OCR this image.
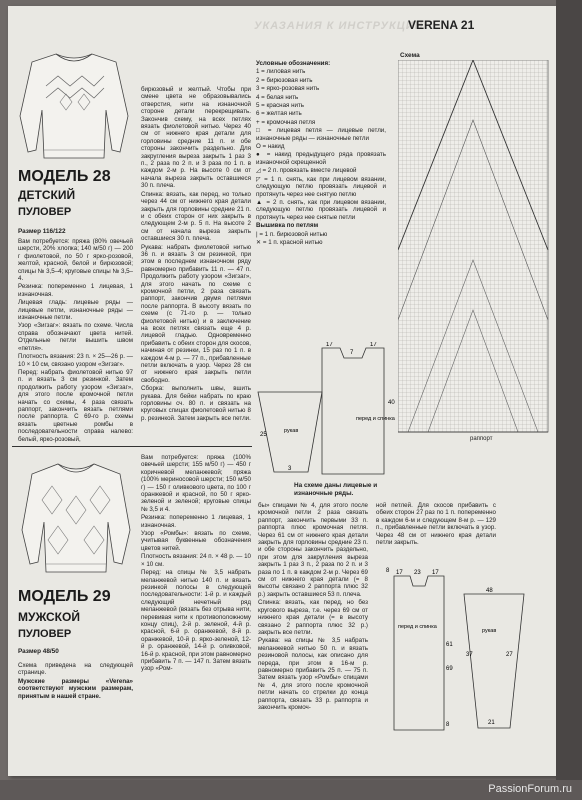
УКАЗАНИЯ К ИНСТРУКЦИИ
VERENA 21
МОДЕЛЬ 28
ДЕТСКИЙ
ПУЛОВЕР
Размер 116/122

Вам потребуется: пряжа (80% овечьей шерсти, 20% хлопка; 140 м/50 г) — 200 г фиолетовой, по 50 г ярко-розовой, желтой, красной, белой и бирюзовой; спицы № 3,5–4; круговые спицы № 3,5–4.

Резинка: попеременно 1 лицевая, 1 изнаночная.

Лицевая гладь: лицевые ряды — лицевые петли, изнаночные ряды — изнаночные петли.

Узор «Зигзаг»: вязать по схеме. Числа справа обозначают цвета нитей. Отдельные петли вышить швом «петля».

Плотность вязания: 23 п. × 25—26 р. — 10 × 10 см, связано узором «Зигзаг».

Перед: набрать фиолетовой нитью 97 п. и вязать 3 см резинкой. Затем продолжить работу узором «Зигзаг», для этого после кромочной петли начать со схемы, 4 раза связать раппорт, закончить вязать петлями после раппорта. С 69-го р. схемы вязать цветные ромбы в последовательности справа налево: белый, ярко-розовый,

бирюзовый и желтый. Чтобы при смене цвета не образовывались отверстия, нити на изнаночной стороне детали перекрещивать. Закончив схему, на всех петлях вязать фиолетовой нитью. Через 40 см от нижнего края детали для горловины средние 11 п. и обе стороны закончить раздельно. Для закругления выреза закрыть 1 раз 3 п., 2 раза по 2 п. и 3 раза по 1 п. в каждом 2-м р. На высоте 0 см от начала выреза закрыть оставшиеся 30 п. плеча.

Спинка: вязать, как перед, но только через 44 см от нижнего края детали закрыть для горловины средние 21 п. и с обеих сторон от них закрыть в следующем 2-м р. 5 п. На высоте 2 см от начала выреза закрыть оставшиеся 30 п. плеча.

Рукава: набрать фиолетовой нитью 36 п. и вязать 3 см резинкой, при этом в последнем изнаночном ряду равномерно прибавить 11 п. — 47 п. Продолжить работу узором «Зигзаг», для этого начать по схеме с кромочной петли, 2 раза связать раппорт, закончив двумя петлями после раппорта. В высоту вязать по схеме (с 71-го р. — только фиолетовой нитью) и в заключение на всех петлях связать еще 4 р. лицевой гладью. Одновременно прибавить с обеих сторон для скосов, начиная от резинки, 15 раз по 1 п. в каждом 4-м р. — 77 п., прибавленные петли включать в узор. Через 28 см от нижнего края закрыть петли свободно.

Сборка: выполнить швы, вшить рукава. Для бейки набрать по краю горловины сч. 80 п. и связать на круговых спицах фиолетовой нитью 8 р. резинкой. Затем закрыть все петли.

Условные обозначения:

1 = лиловая нить

2 = бирюзовая нить

3 = ярко-розовая нить

4 = белая нить

5 = красная нить

6 = желтая нить

+ = кромочная петля

□ = лицевая петля — лицевые петли, изнаночные ряды — изнаночные петли

О = накид

● = накид предыдущего ряда провязать изнаночной скрещенной

◿ = 2 п. провязать вместе лицевой

◸ = 1 п. снять, как при лицевом вязании, следующую петлю провязать лицевой и протянуть через нее снятую петлю

▲ = 2 п. снять, как при лицевом вязании, следующую петлю провязать лицевой и протянуть через нее снятые петли

Вышивка по петлям

| = 1 п. бирюзовой нитью

✕ = 1 п. красной нитью

Схема
раппорт
17	17
7
40
перед и спинка
25
рукав
3
На схеме даны лицевые и изнаночные ряды.
МОДЕЛЬ 29
МУЖСКОЙ
ПУЛОВЕР
Размер 48/50

Схема приведена на следующей странице.

Мужские размеры «Verena» соответствуют мужским размерам, принятым в нашей стране.

Вам потребуется: пряжа (100% овечьей шерсти; 155 м/50 г) — 450 г коричневой меланжевой; пряжа (100% мериносовой шерсти; 150 м/50 г) — 150 г оливкового цвета, по 100 г оранжевой и красной, по 50 г ярко-зеленой и зеленой; круговые спицы № 3,5 и 4.

Резинка: попеременно 1 лицевая, 1 изнаночная.

Узор «Ромбы»: вязать по схеме, учитывая буквенные обозначения цветов нитей.

Плотность вязания: 24 п. × 48 р. — 10 × 10 см.

Перед: на спицы № 3,5 набрать меланжевой нитью 140 п. и вязать резинкой полосы в следующей последовательности: 1-й р. и каждый следующий нечетный ряд меланжевой (вязать без отрыва нити, перевивая нити к противоположному концу спиц), 2-й р. зеленой, 4-й р. красной, 6-й р. оранжевой, 8-й р. оранжевой, 10-й р. ярко-зеленой, 12-й р. оранжевой, 14-й р. оливковой, 16-й р. красной, при этом равномерно прибавить 7 п. — 147 п. Затем вязать узор «Ром-

бы» спицами № 4, для этого после кромочной петли 2 раза связать раппорт, закончить первыми 33 п. раппорта плюс кромочная петля. Через 61 см от нижнего края детали закрыть для горловины средние 23 п. и обе стороны закончить раздельно, при этом для закругления выреза закрыть 1 раз 3 п., 2 раза по 2 п. и 3 раза по 1 п. в каждом 2-м р. Через 69 см от нижнего края детали (= 8 высоты связано 2 раппорта плюс 32 р.) закрыть оставшиеся 53 п. плеча.

Спинка: вязать, как перед, но без кругового выреза, т.е. через 69 см от нижнего края детали (= в высоту связано 2 раппорта плюс 32 р.) закрыть все петли.

Рукава: на спицы № 3,5 набрать меланжевой нитью 50 п. и вязать резиновой полосы, как описано для переда, при этом в 16-м р. равномерно прибавить 25 п. — 75 п. Затем вязать узор «Ромбы» спицами № 4, для этого после кромочной петли начать со стрелки до конца раппорта, связать 33 р. раппорта и закончить кромоч-

ной петлей. Для скосов прибавить с обеих сторон 27 раз по 1 п. попеременно в каждом 6-м и следующем 8-м р. — 129 п., прибавленные петли включать в узор. Через 48 см от нижнего края детали петли закрыть.

8 17 23 17
61
69
8
перед и спинка
48
37	27
рукав
21
PassionForum.ru
